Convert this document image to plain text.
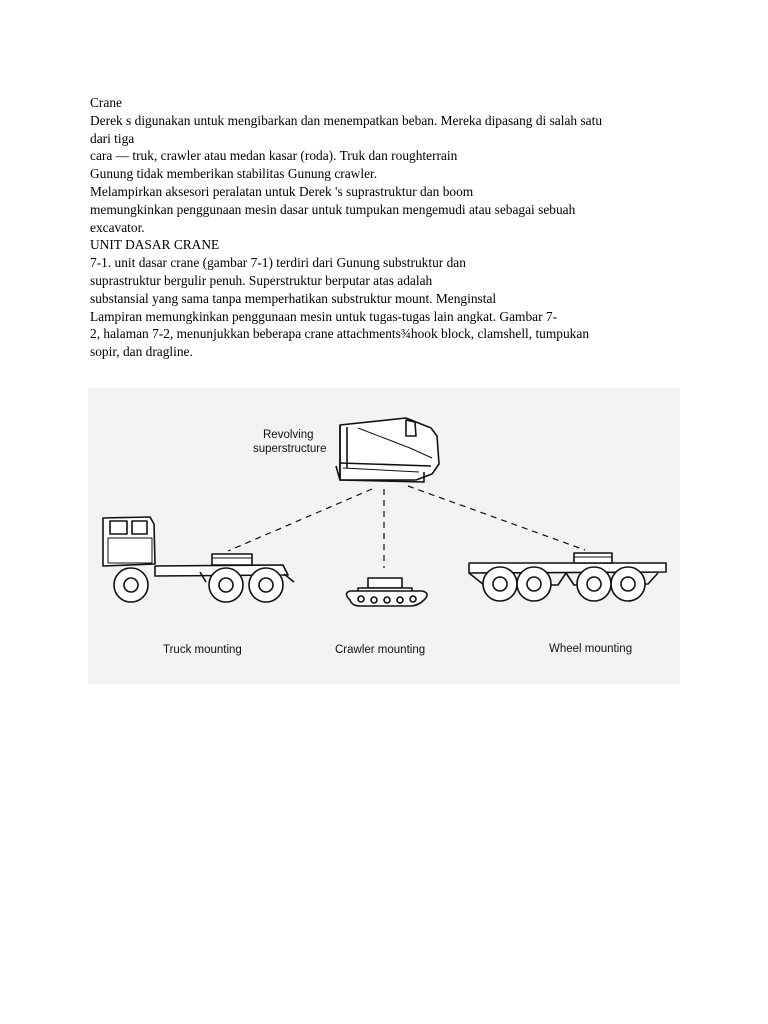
Crane
Derek s digunakan untuk mengibarkan dan menempatkan beban. Mereka dipasang di salah satu
dari tiga
cara — truk, crawler atau medan kasar (roda). Truk dan roughterrain
Gunung tidak memberikan stabilitas Gunung crawler.
Melampirkan aksesori peralatan untuk Derek 's suprastruktur dan boom
memungkinkan penggunaan mesin dasar untuk tumpukan mengemudi atau sebagai sebuah
excavator.
UNIT DASAR CRANE
7-1. unit dasar crane (gambar 7-1) terdiri dari Gunung substruktur dan
suprastruktur bergulir penuh. Superstruktur berputar atas adalah
substansial yang sama tanpa memperhatikan substruktur mount. Menginstal
Lampiran memungkinkan penggunaan mesin untuk tugas-tugas lain angkat. Gambar 7-
2, halaman 7-2, menunjukkan beberapa crane attachments¾hook block, clamshell, tumpukan
sopir, dan dragline.
Revolving
superstructure
Truck mounting	Crawler mounting	Wheel mounting
